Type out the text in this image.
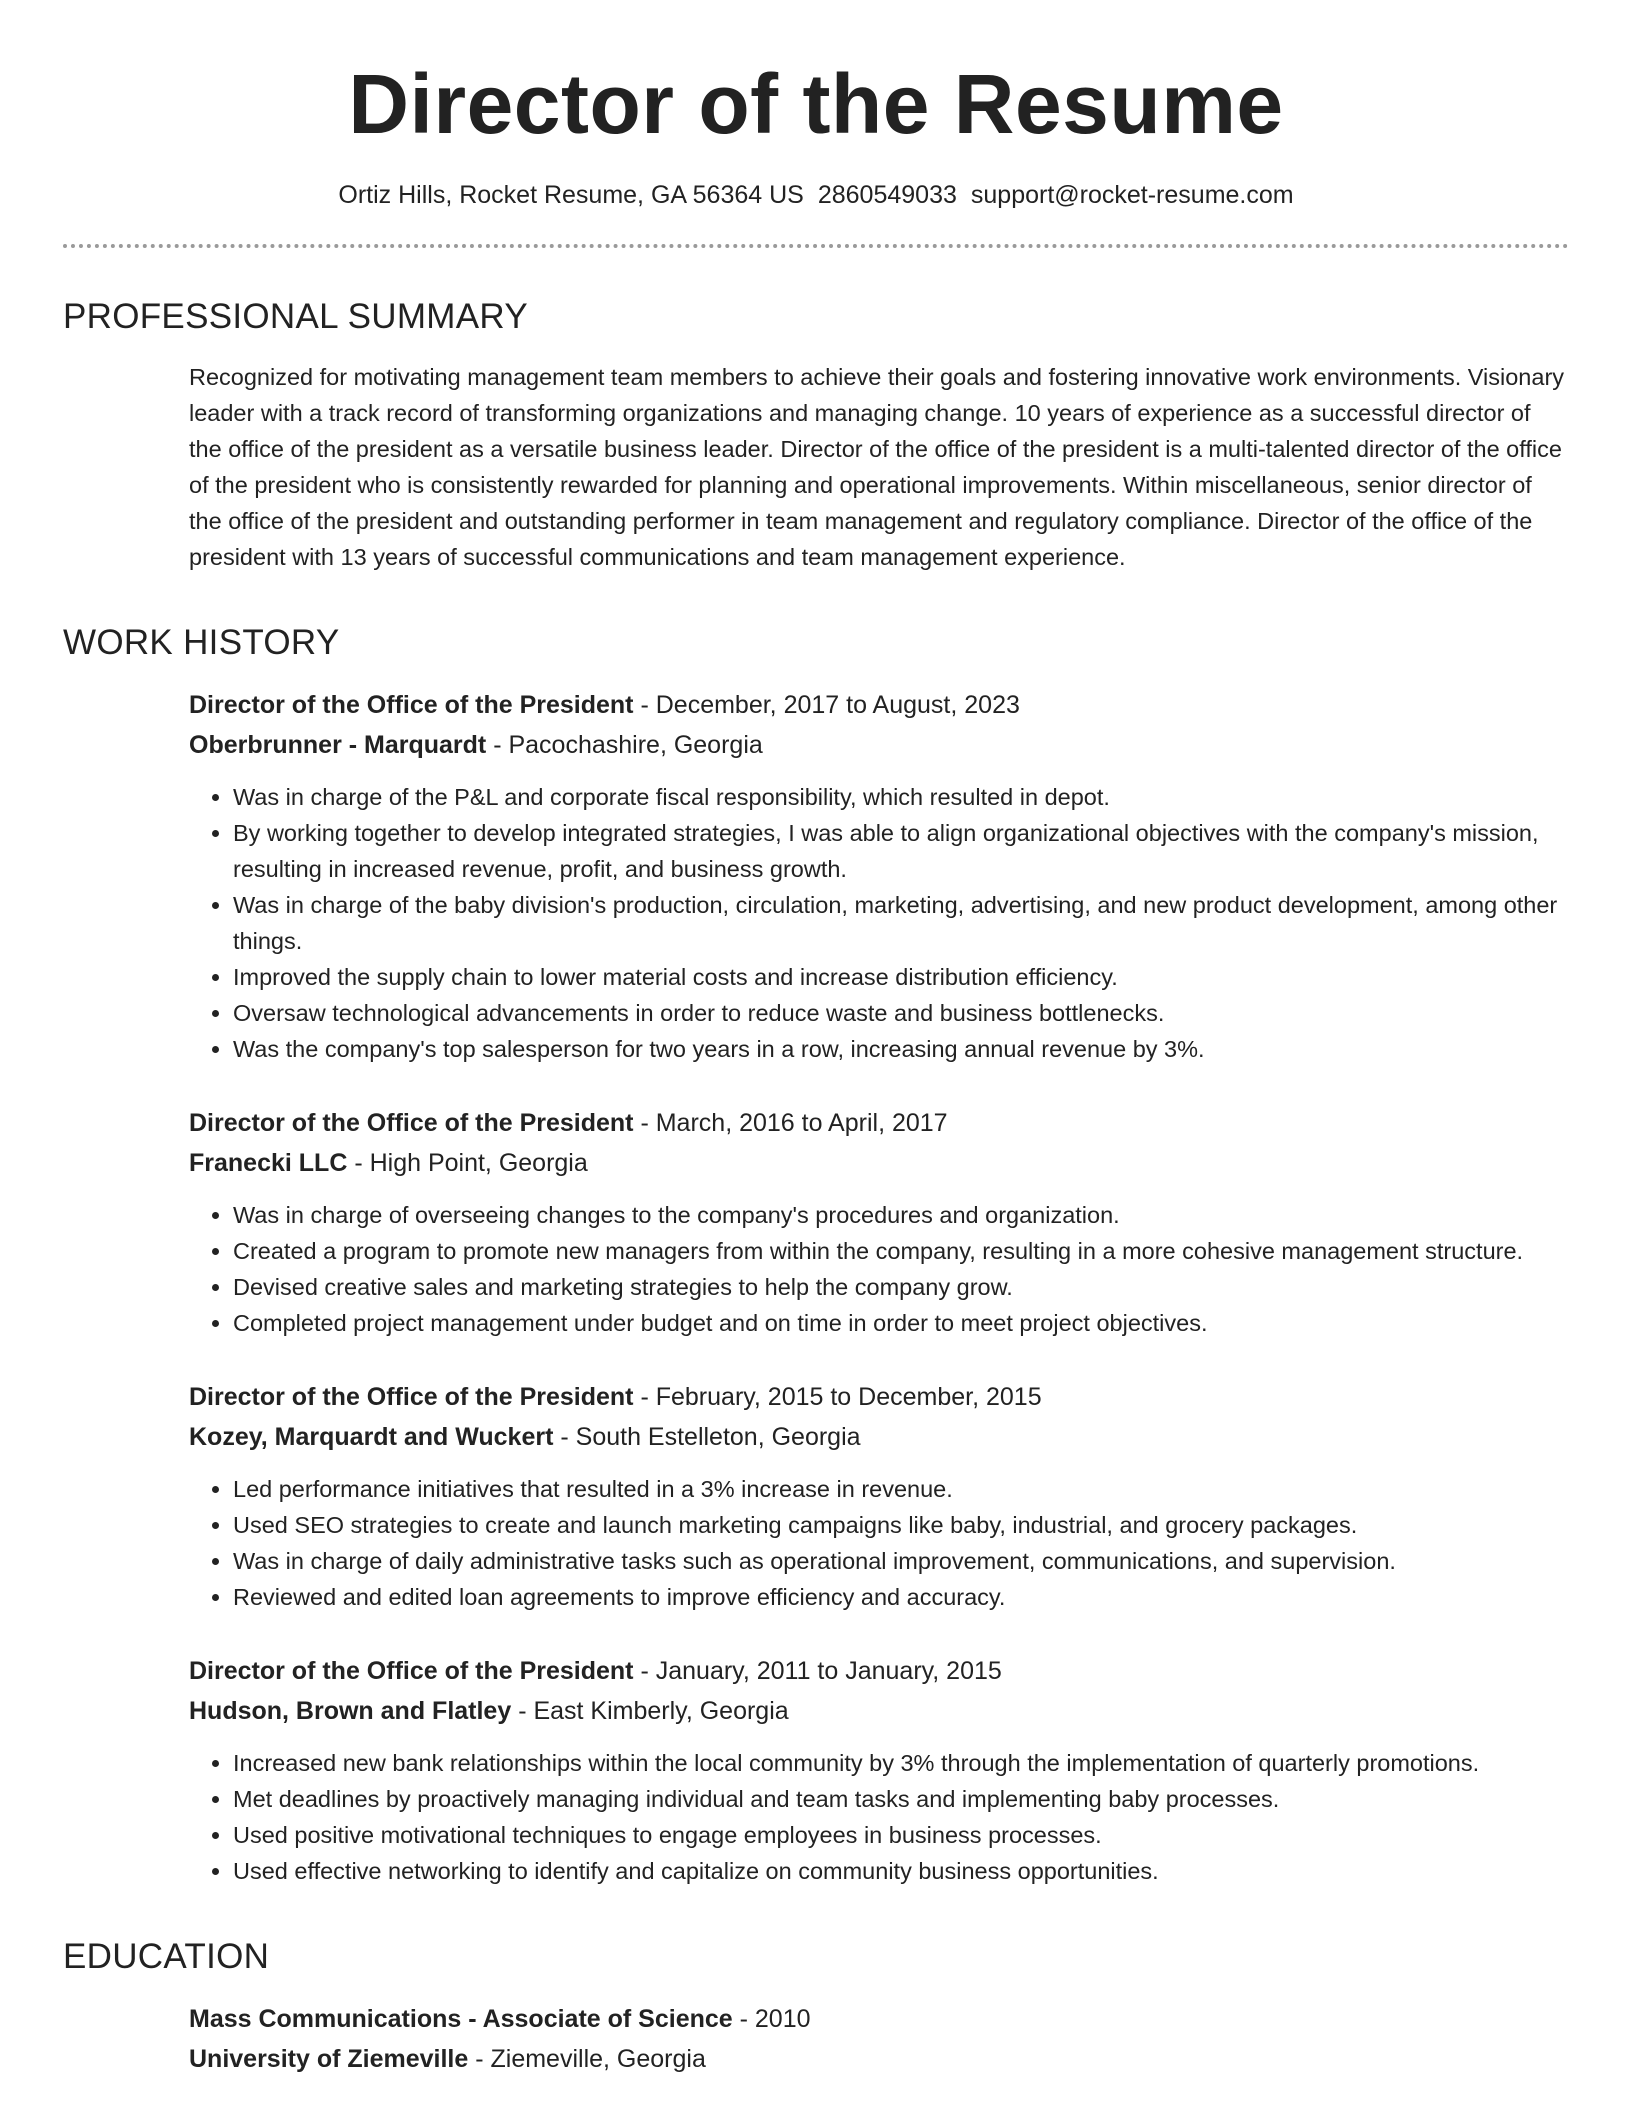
Director of the Resume
Ortiz Hills, Rocket Resume, GA 56364 US 2860549033 support@rocket-resume.com
PROFESSIONAL SUMMARY

Recognized for motivating management team members to achieve their goals and fostering innovative work environments. Visionary leader with a track record of transforming organizations and managing change. 10 years of experience as a successful director of the office of the president as a versatile business leader. Director of the office of the president is a multi-talented director of the office of the president who is consistently rewarded for planning and operational improvements. Within miscellaneous, senior director of the office of the president and outstanding performer in team management and regulatory compliance. Director of the office of the president with 13 years of successful communications and team management experience.

WORK HISTORY
Director of the Office of the President - December, 2017 to August, 2023
Oberbrunner - Marquardt - Pacochashire, Georgia
• Was in charge of the P&L and corporate fiscal responsibility, which resulted in depot.
• By working together to develop integrated strategies, I was able to align organizational objectives with the company's mission, resulting in increased revenue, profit, and business growth.
• Was in charge of the baby division's production, circulation, marketing, advertising, and new product development, among other things.
• Improved the supply chain to lower material costs and increase distribution efficiency.
• Oversaw technological advancements in order to reduce waste and business bottlenecks.
• Was the company's top salesperson for two years in a row, increasing annual revenue by 3%.
Director of the Office of the President - March, 2016 to April, 2017
Franecki LLC - High Point, Georgia
• Was in charge of overseeing changes to the company's procedures and organization.
• Created a program to promote new managers from within the company, resulting in a more cohesive management structure.
• Devised creative sales and marketing strategies to help the company grow.
• Completed project management under budget and on time in order to meet project objectives.
Director of the Office of the President - February, 2015 to December, 2015
Kozey, Marquardt and Wuckert - South Estelleton, Georgia
• Led performance initiatives that resulted in a 3% increase in revenue.
• Used SEO strategies to create and launch marketing campaigns like baby, industrial, and grocery packages.
• Was in charge of daily administrative tasks such as operational improvement, communications, and supervision.
• Reviewed and edited loan agreements to improve efficiency and accuracy.
Director of the Office of the President - January, 2011 to January, 2015
Hudson, Brown and Flatley - East Kimberly, Georgia
• Increased new bank relationships within the local community by 3% through the implementation of quarterly promotions.
• Met deadlines by proactively managing individual and team tasks and implementing baby processes.
• Used positive motivational techniques to engage employees in business processes.
• Used effective networking to identify and capitalize on community business opportunities.
EDUCATION
Mass Communications - Associate of Science - 2010
University of Ziemeville - Ziemeville, Georgia
